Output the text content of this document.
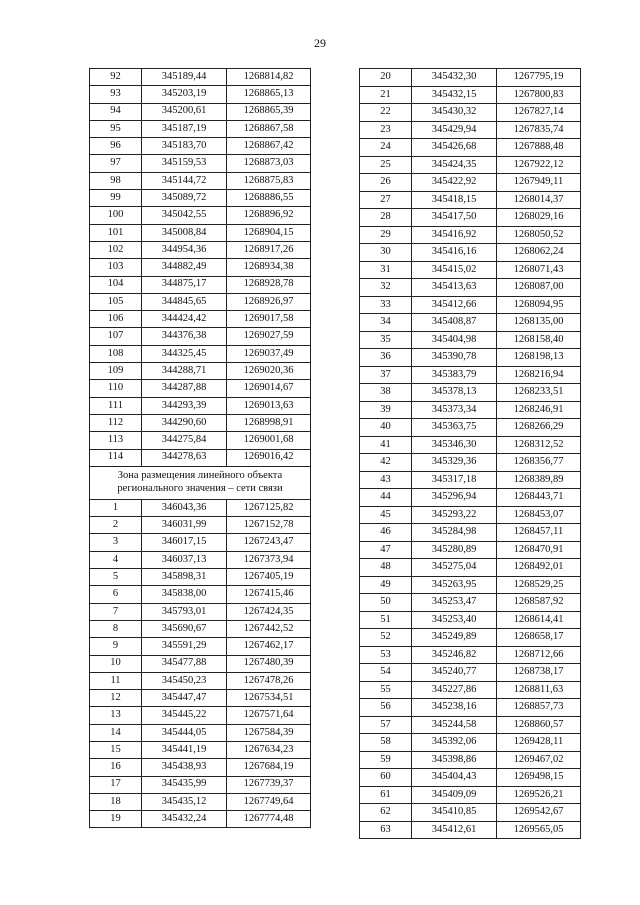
29
92	345189,44	1268814,82
93	345203,19	1268865,13
94	345200,61	1268865,39
95	345187,19	1268867,58
96	345183,70	1268867,42
97	345159,53	1268873,03
98	345144,72	1268875,83
99	345089,72	1268886,55
100	345042,55	1268896,92
101	345008,84	1268904,15
102	344954,36	1268917,26
103	344882,49	1268934,38
104	344875,17	1268928,78
105	344845,65	1268926,97
106	344424,42	1269017,58
107	344376,38	1269027,59
108	344325,45	1269037,49
109	344288,71	1269020,36
110	344287,88	1269014,67
111	344293,39	1269013,63
112	344290,60	1268998,91
113	344275,84	1269001,68
114	344278,63	1269016,42
Зона размещения линейного объекта регионального значения – сети связи		
1	346043,36	1267125,82
2	346031,99	1267152,78
3	346017,15	1267243,47
4	346037,13	1267373,94
5	345898,31	1267405,19
6	345838,00	1267415,46
7	345793,01	1267424,35
8	345690,67	1267442,52
9	345591,29	1267462,17
10	345477,88	1267480,39
11	345450,23	1267478,26
12	345447,47	1267534,51
13	345445,22	1267571,64
14	345444,05	1267584,39
15	345441,19	1267634,23
16	345438,93	1267684,19
17	345435,99	1267739,37
18	345435,12	1267749,64
19	345432,24	1267774,48
20	345432,30	1267795,19
21	345432,15	1267800,83
22	345430,32	1267827,14
23	345429,94	1267835,74
24	345426,68	1267888,48
25	345424,35	1267922,12
26	345422,92	1267949,11
27	345418,15	1268014,37
28	345417,50	1268029,16
29	345416,92	1268050,52
30	345416,16	1268062,24
31	345415,02	1268071,43
32	345413,63	1268087,00
33	345412,66	1268094,95
34	345408,87	1268135,00
35	345404,98	1268158,40
36	345390,78	1268198,13
37	345383,79	1268216,94
38	345378,13	1268233,51
39	345373,34	1268246,91
40	345363,75	1268266,29
41	345346,30	1268312,52
42	345329,36	1268356,77
43	345317,18	1268389,89
44	345296,94	1268443,71
45	345293,22	1268453,07
46	345284,98	1268457,11
47	345280,89	1268470,91
48	345275,04	1268492,01
49	345263,95	1268529,25
50	345253,47	1268587,92
51	345253,40	1268614,41
52	345249,89	1268658,17
53	345246,82	1268712,66
54	345240,77	1268738,17
55	345227,86	1268811,63
56	345238,16	1268857,73
57	345244,58	1268860,57
58	345392,06	1269428,11
59	345398,86	1269467,02
60	345404,43	1269498,15
61	345409,09	1269526,21
62	345410,85	1269542,67
63	345412,61	1269565,05
